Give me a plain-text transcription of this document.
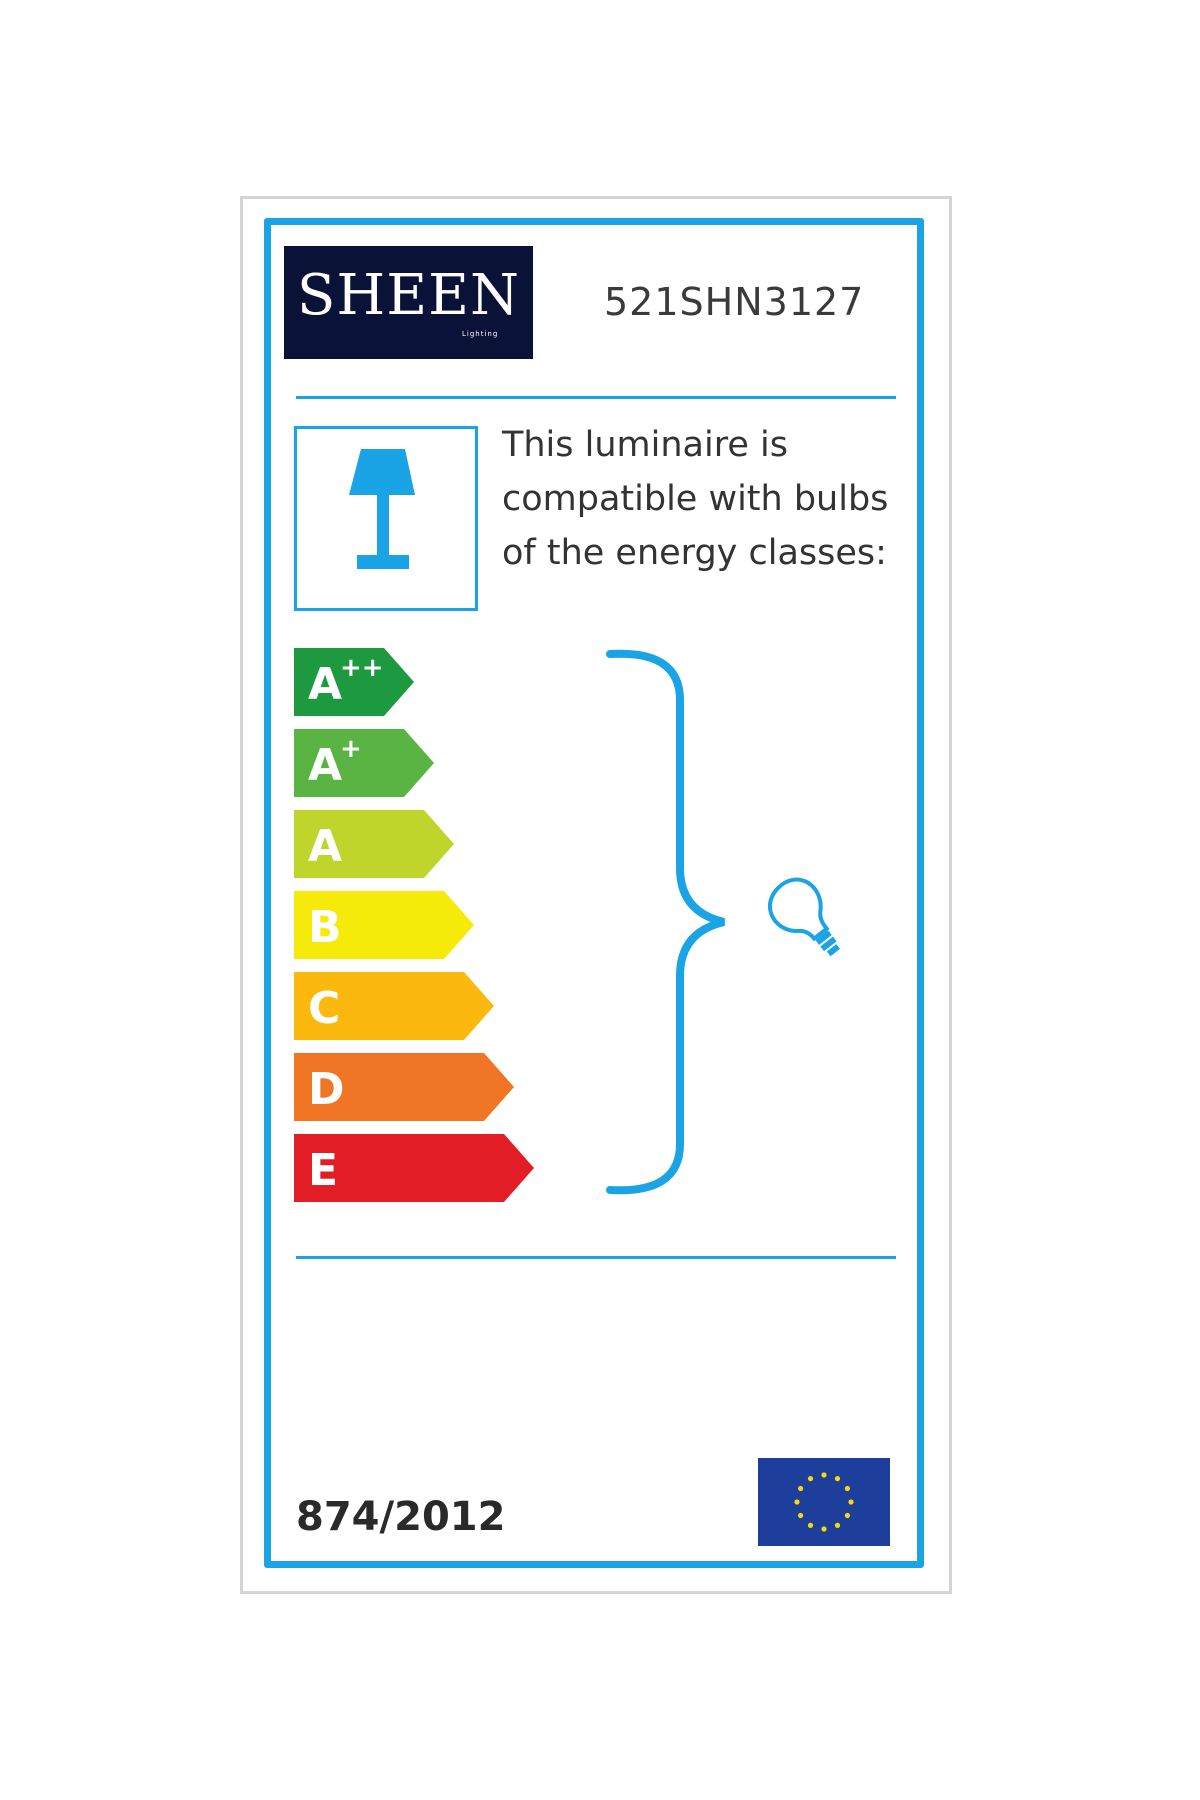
SHEEN
Lighting
521SHN3127
This luminaire is compatible with bulbs of the energy classes:
A
++
A
+
A
B
C
D
E
874/2012
